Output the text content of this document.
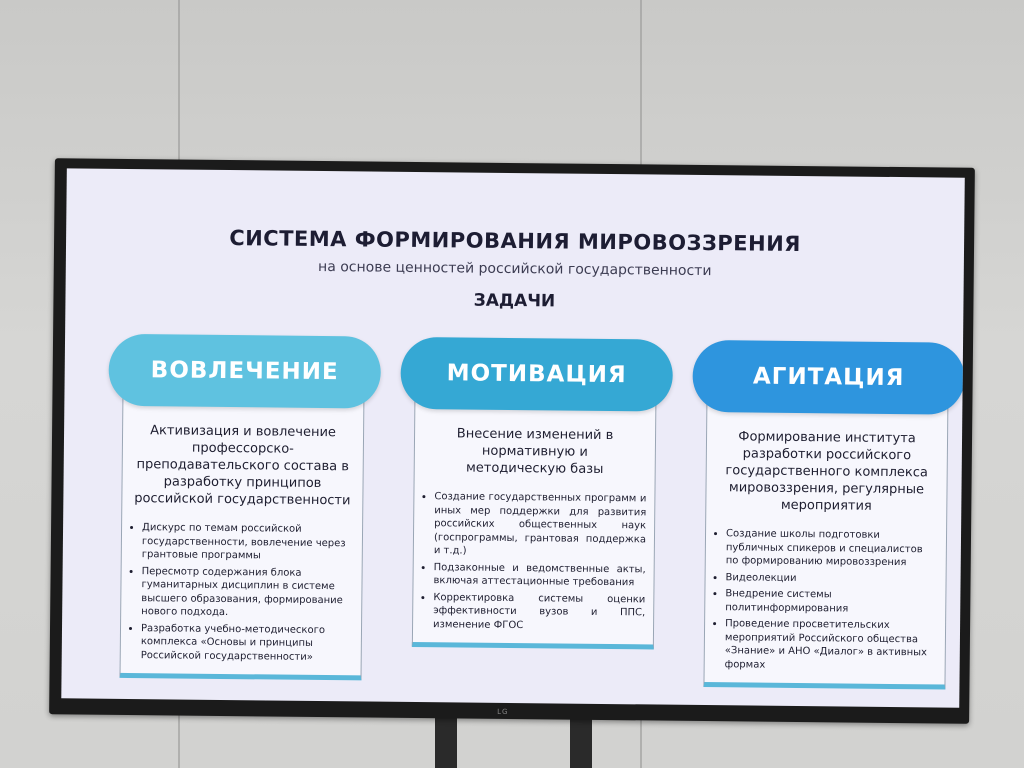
СИСТЕМА ФОРМИРОВАНИЯ МИРОВОЗЗРЕНИЯ
на основе ценностей российской государственности
ЗАДАЧИ
Активизация и вовлечение профессорско-преподавательского состава в разработку принципов российской государственности
• Дискурс по темам российской государственности, вовлечение через грантовые программы
• Пересмотр содержания блока гуманитарных дисциплин в системе высшего образования, формирование нового подхода.
• Разработка учебно-методического комплекса «Основы и принципы Российской государственности»
ВОВЛЕЧЕНИЕ
Внесение изменений в нормативную и методическую базы
• Создание государственных программ и иных мер поддержки для развития российских общественных наук (госпрограммы, грантовая поддержка и т.д.)
• Подзаконные и ведомственные акты, включая аттестационные требования
• Корректировка системы оценки эффективности вузов и ППС, изменение ФГОС
МОТИВАЦИЯ
Формирование института разработки российского государственного комплекса мировоззрения, регулярные мероприятия
• Создание школы подготовки публичных спикеров и специалистов по формированию мировоззрения
• Видеолекции
• Внедрение системы политинформирования
• Проведение просветительских мероприятий Российского общества «Знание» и АНО «Диалог» в активных формах
АГИТАЦИЯ
LG
